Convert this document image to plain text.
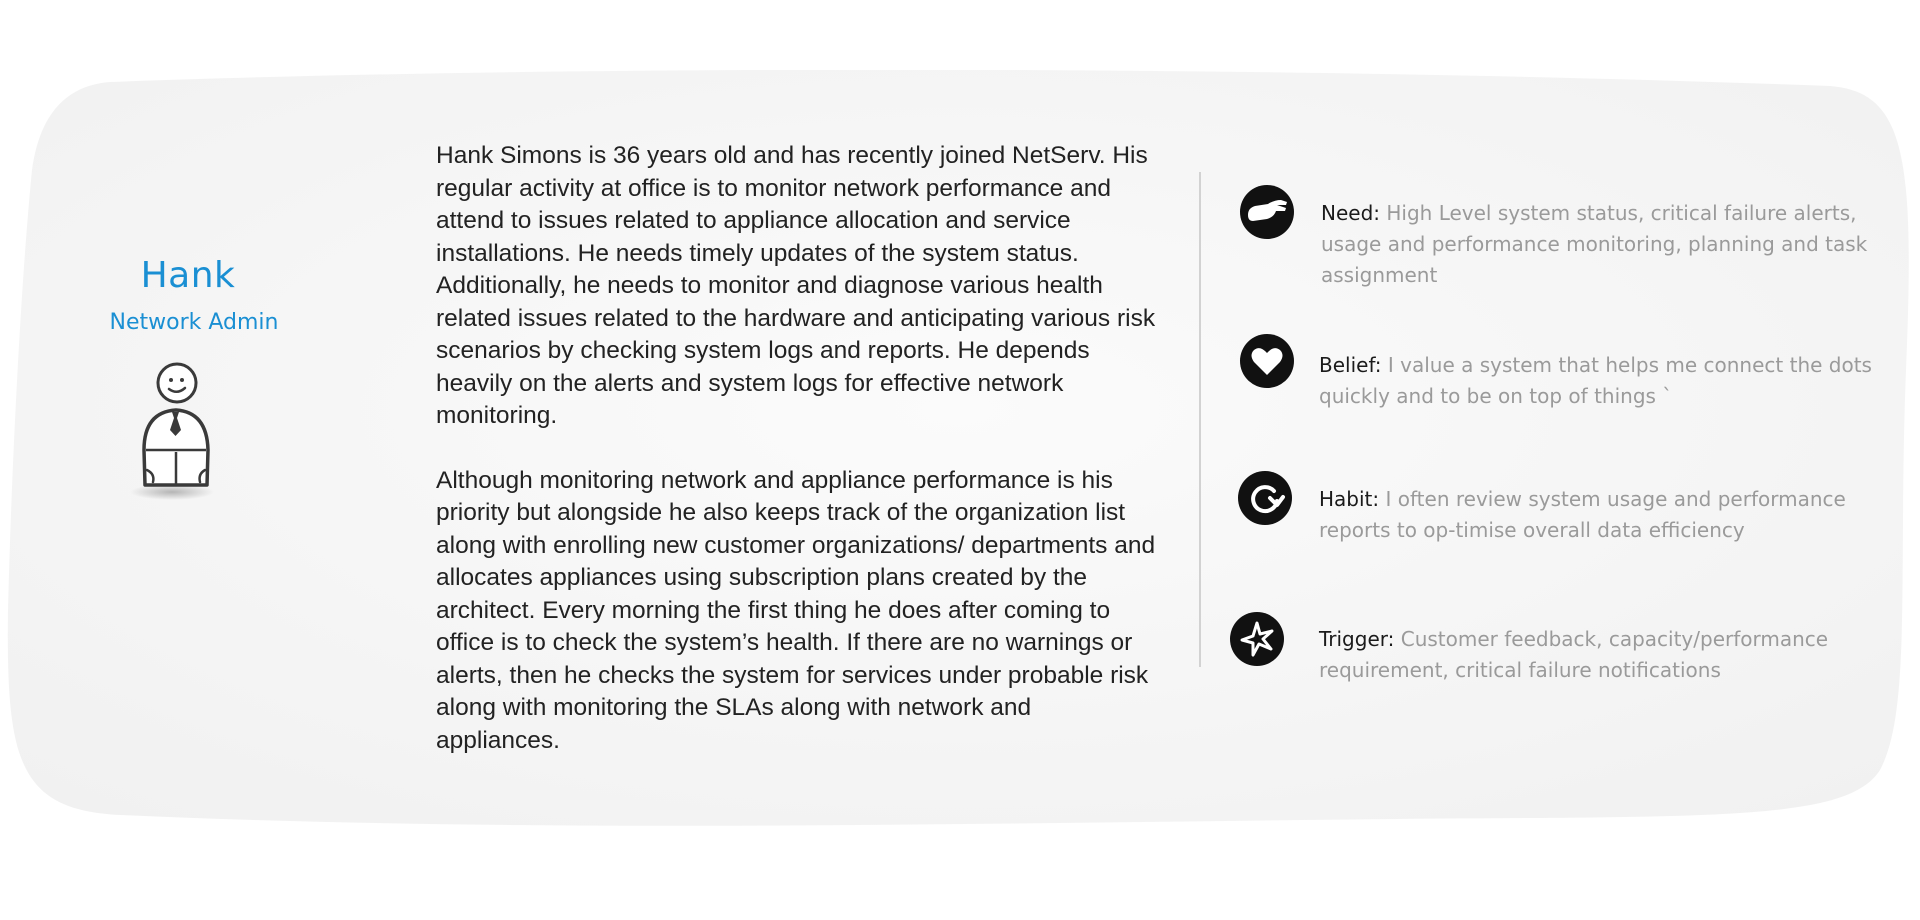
Hank
Network Admin

Hank Simons is 36 years old and has recently joined NetServ. His regular activity at office is to monitor network performance and attend to issues related to appliance allocation and service installations. He needs timely updates of the system status. Additionally, he needs to monitor and diagnose various health related issues related to the hardware and anticipating various risk scenarios by checking system logs and reports. He depends heavily on the alerts and system logs for effective network monitoring.

Although monitoring network and appliance performance is his priority but alongside he also keeps track of the organization list along with enrolling new customer organizations/ departments and allocates appliances using subscription plans created by the architect. Every morning the first thing he does after coming to office is to check the system’s health. If there are no warnings or alerts, then he checks the system for services under probable risk along with monitoring the SLAs along with network and appliances.

Need: High Level system status, critical failure alerts, usage and performance monitoring, planning and task assignment
Belief: I value a system that helps me connect the dots quickly and to be on top of things `
Habit: I often review system usage and performance reports to op-timise overall data efficiency
Trigger: Customer feedback, capacity/performance requirement, critical failure notifications
